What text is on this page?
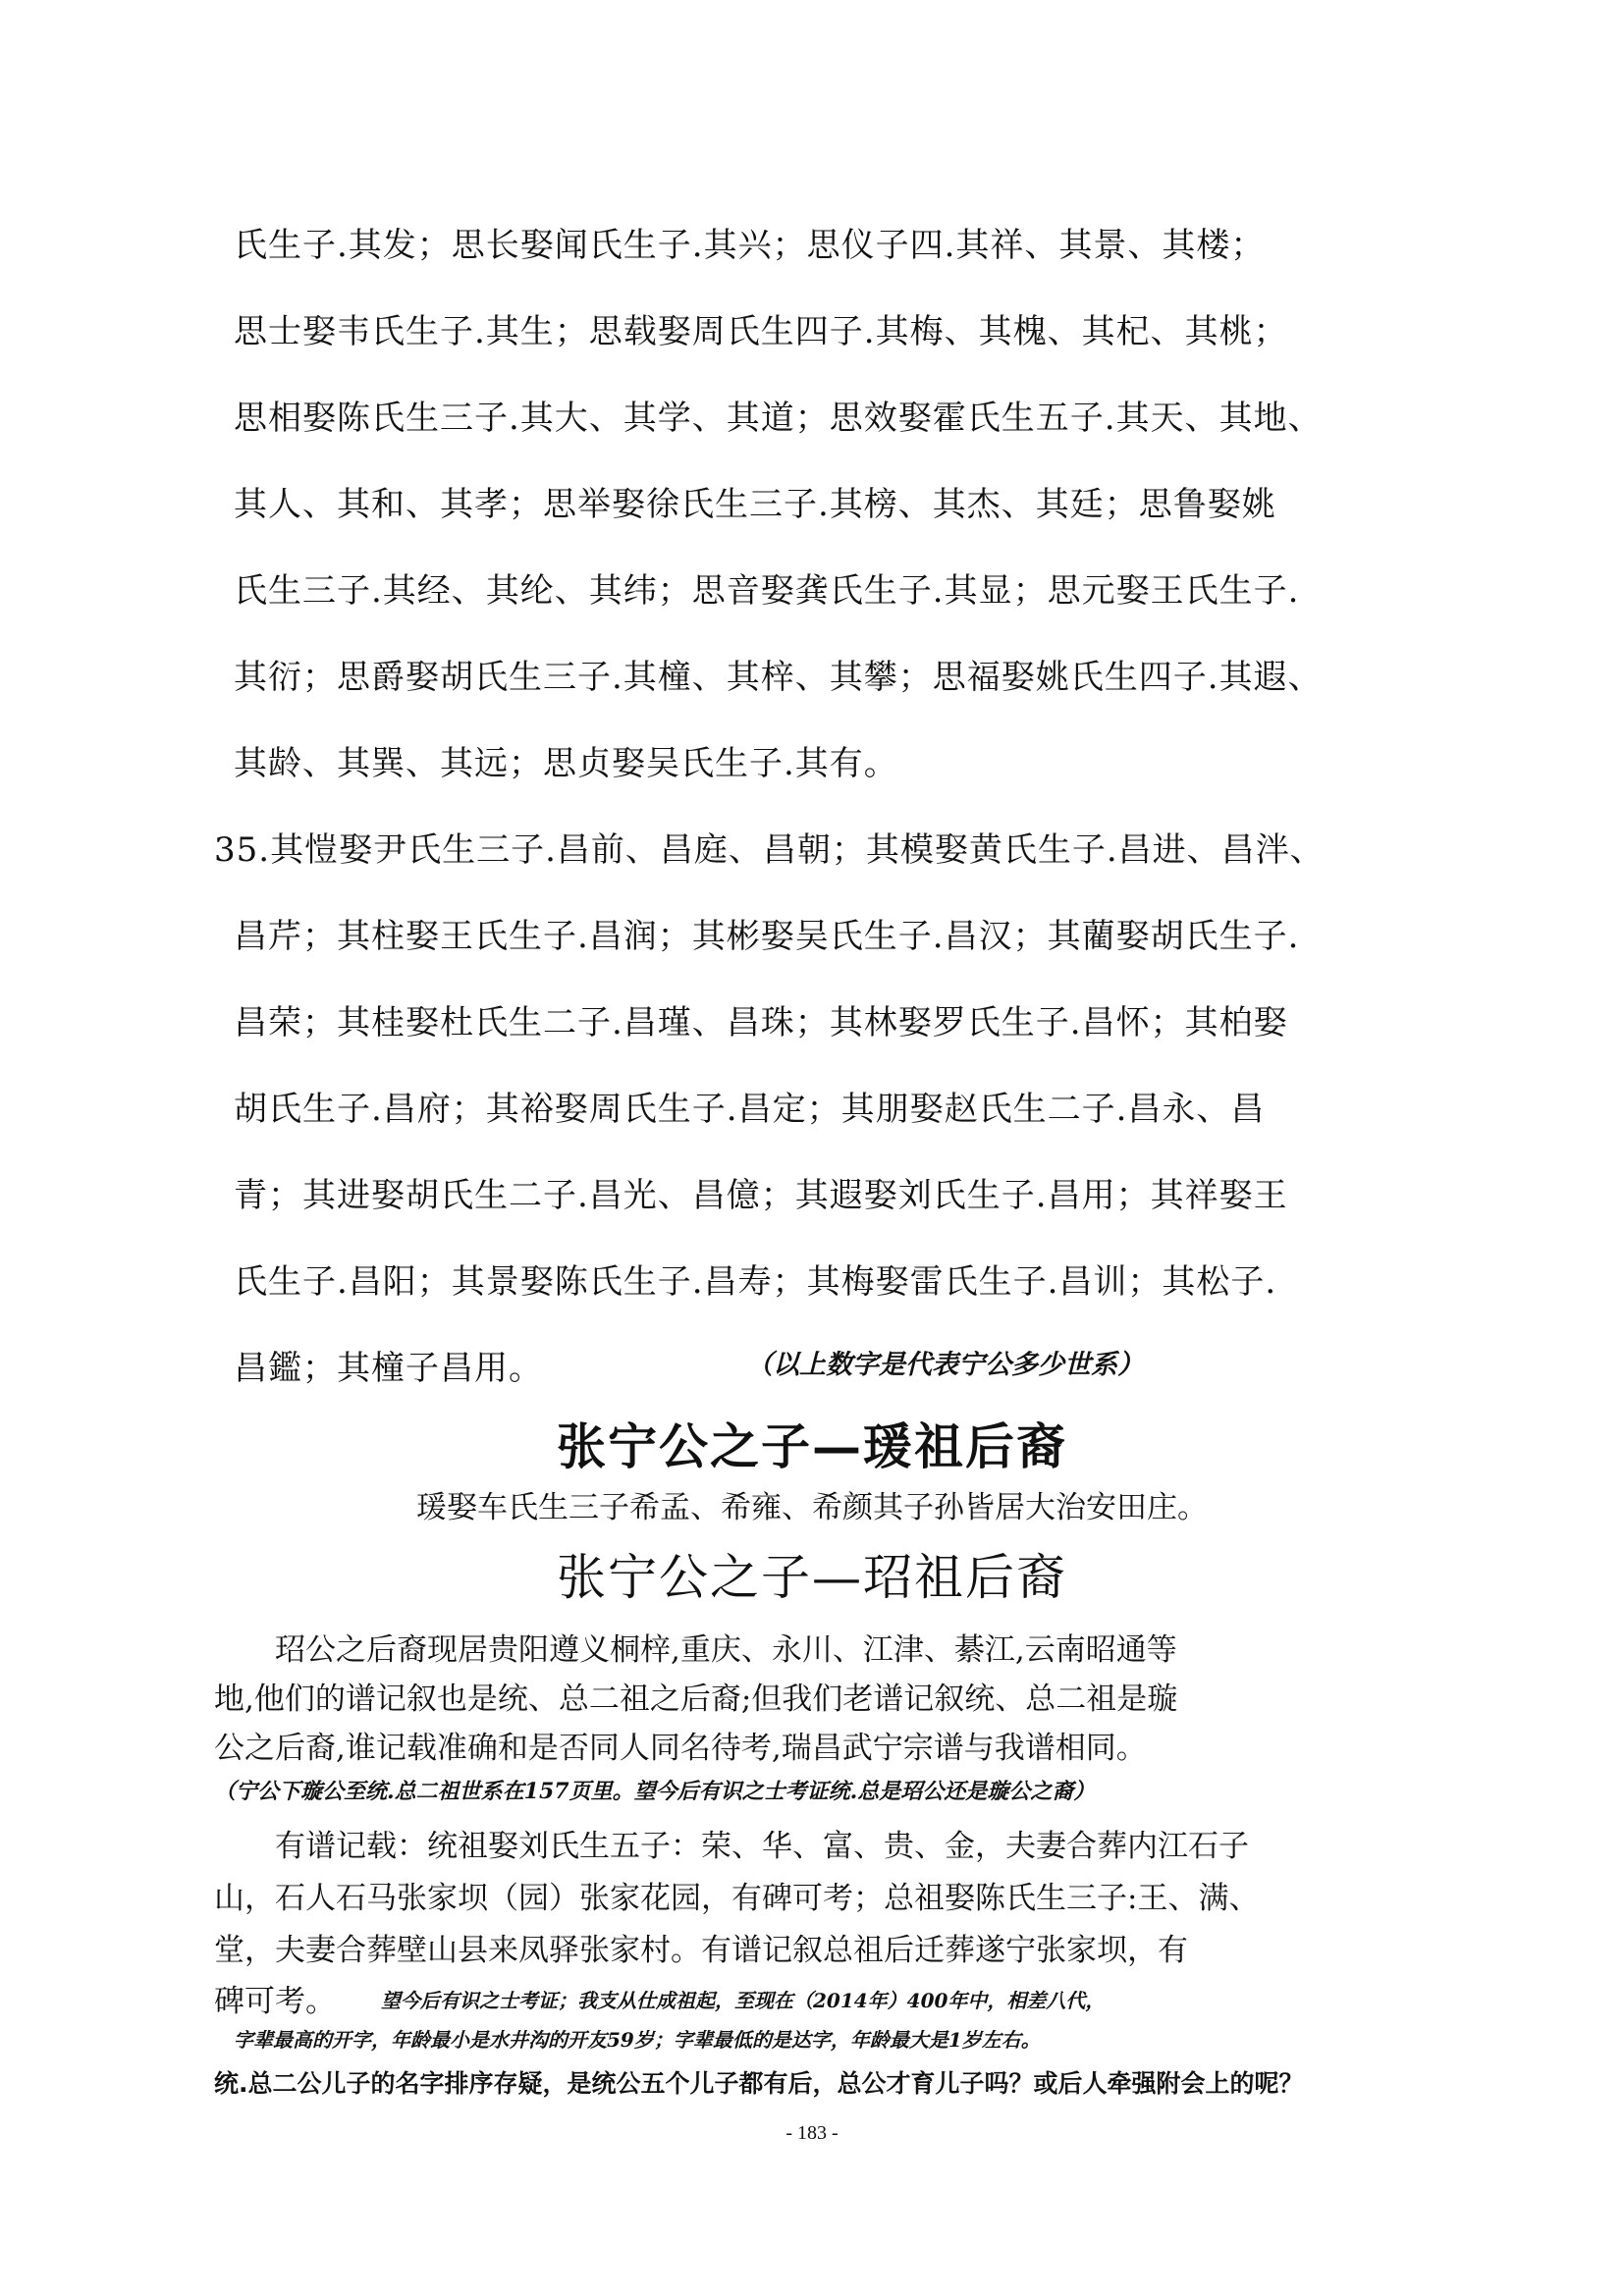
氏生子.其发；思长娶闻氏生子.其兴；思仪子四.其祥、其景、其楼；
思士娶韦氏生子.其生；思载娶周氏生四子.其梅、其槐、其杞、其桃；
思相娶陈氏生三子.其大、其学、其道；思效娶霍氏生五子.其天、其地、
其人、其和、其孝；思举娶徐氏生三子.其榜、其杰、其廷；思鲁娶姚
氏生三子.其经、其纶、其纬；思音娶龚氏生子.其显；思元娶王氏生子.
其衍；思爵娶胡氏生三子.其橦、其梓、其攀；思福娶姚氏生四子.其遐、
其龄、其巽、其远；思贞娶吴氏生子.其有。
35.其愷娶尹氏生三子.昌前、昌庭、昌朝；其模娶黄氏生子.昌进、昌泮、
昌芹；其柱娶王氏生子.昌润；其彬娶吴氏生子.昌汉；其藺娶胡氏生子.
昌荣；其桂娶杜氏生二子.昌瑾、昌珠；其林娶罗氏生子.昌怀；其柏娶
胡氏生子.昌府；其裕娶周氏生子.昌定；其朋娶赵氏生二子.昌永、昌
青；其进娶胡氏生二子.昌光、昌億；其遐娶刘氏生子.昌用；其祥娶王
氏生子.昌阳；其景娶陈氏生子.昌寿；其梅娶雷氏生子.昌训；其松子.
昌鑑；其橦子昌用。	（以上数字是代表宁公多少世系）
张宁公之子—瑗祖后裔
瑗娶车氏生三子希孟、希雍、希颜其子孙皆居大治安田庄。
张宁公之子—玿祖后裔
玿公之后裔现居贵阳遵义桐梓,重庆、永川、江津、綦江,云南昭通等
地,他们的谱记叙也是统、总二祖之后裔;但我们老谱记叙统、总二祖是璇
公之后裔,谁记载准确和是否同人同名待考,瑞昌武宁宗谱与我谱相同。
（宁公下璇公至统.总二祖世系在157页里。望今后有识之士考证统.总是玿公还是璇公之裔）
有谱记载：统祖娶刘氏生五子：荣、华、富、贵、金，夫妻合葬内江石子
山，石人石马张家坝（园）张家花园，有碑可考；总祖娶陈氏生三子:王、满、
堂，夫妻合葬壁山县来凤驿张家村。有谱记叙总祖后迁葬遂宁张家坝，有
碑可考。 望今后有识之士考证；我支从仕成祖起，至现在（2014年）400年中，相差八代，
字辈最高的开字，年龄最小是水井沟的开友59岁；字辈最低的是达字，年龄最大是1岁左右。
统.总二公儿子的名字排序存疑，是统公五个儿子都有后，总公才育儿子吗？或后人牵强附会上的呢？
- 183 -
